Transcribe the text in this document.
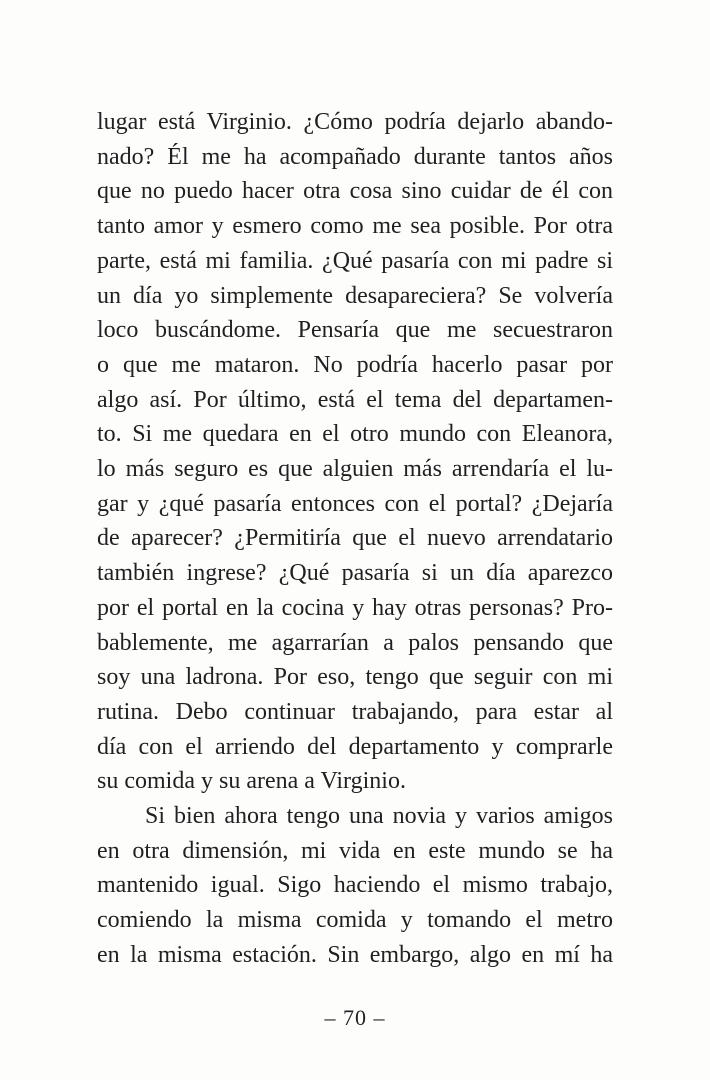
lugar está Virginio. ¿Cómo podría dejarlo abando-
nado? Él me ha acompañado durante tantos años
que no puedo hacer otra cosa sino cuidar de él con
tanto amor y esmero como me sea posible. Por otra
parte, está mi familia. ¿Qué pasaría con mi padre si
un día yo simplemente desapareciera? Se volvería
loco buscándome. Pensaría que me secuestraron
o que me mataron. No podría hacerlo pasar por
algo así. Por último, está el tema del departamen-
to. Si me quedara en el otro mundo con Eleanora,
lo más seguro es que alguien más arrendaría el lu-
gar y ¿qué pasaría entonces con el portal? ¿Dejaría
de aparecer? ¿Permitiría que el nuevo arrendatario
también ingrese? ¿Qué pasaría si un día aparezco
por el portal en la cocina y hay otras personas? Pro-
bablemente, me agarrarían a palos pensando que
soy una ladrona. Por eso, tengo que seguir con mi
rutina. Debo continuar trabajando, para estar al
día con el arriendo del departamento y comprarle
su comida y su arena a Virginio.
Si bien ahora tengo una novia y varios amigos
en otra dimensión, mi vida en este mundo se ha
mantenido igual. Sigo haciendo el mismo trabajo,
comiendo la misma comida y tomando el metro
en la misma estación. Sin embargo, algo en mí ha
– 70 –
